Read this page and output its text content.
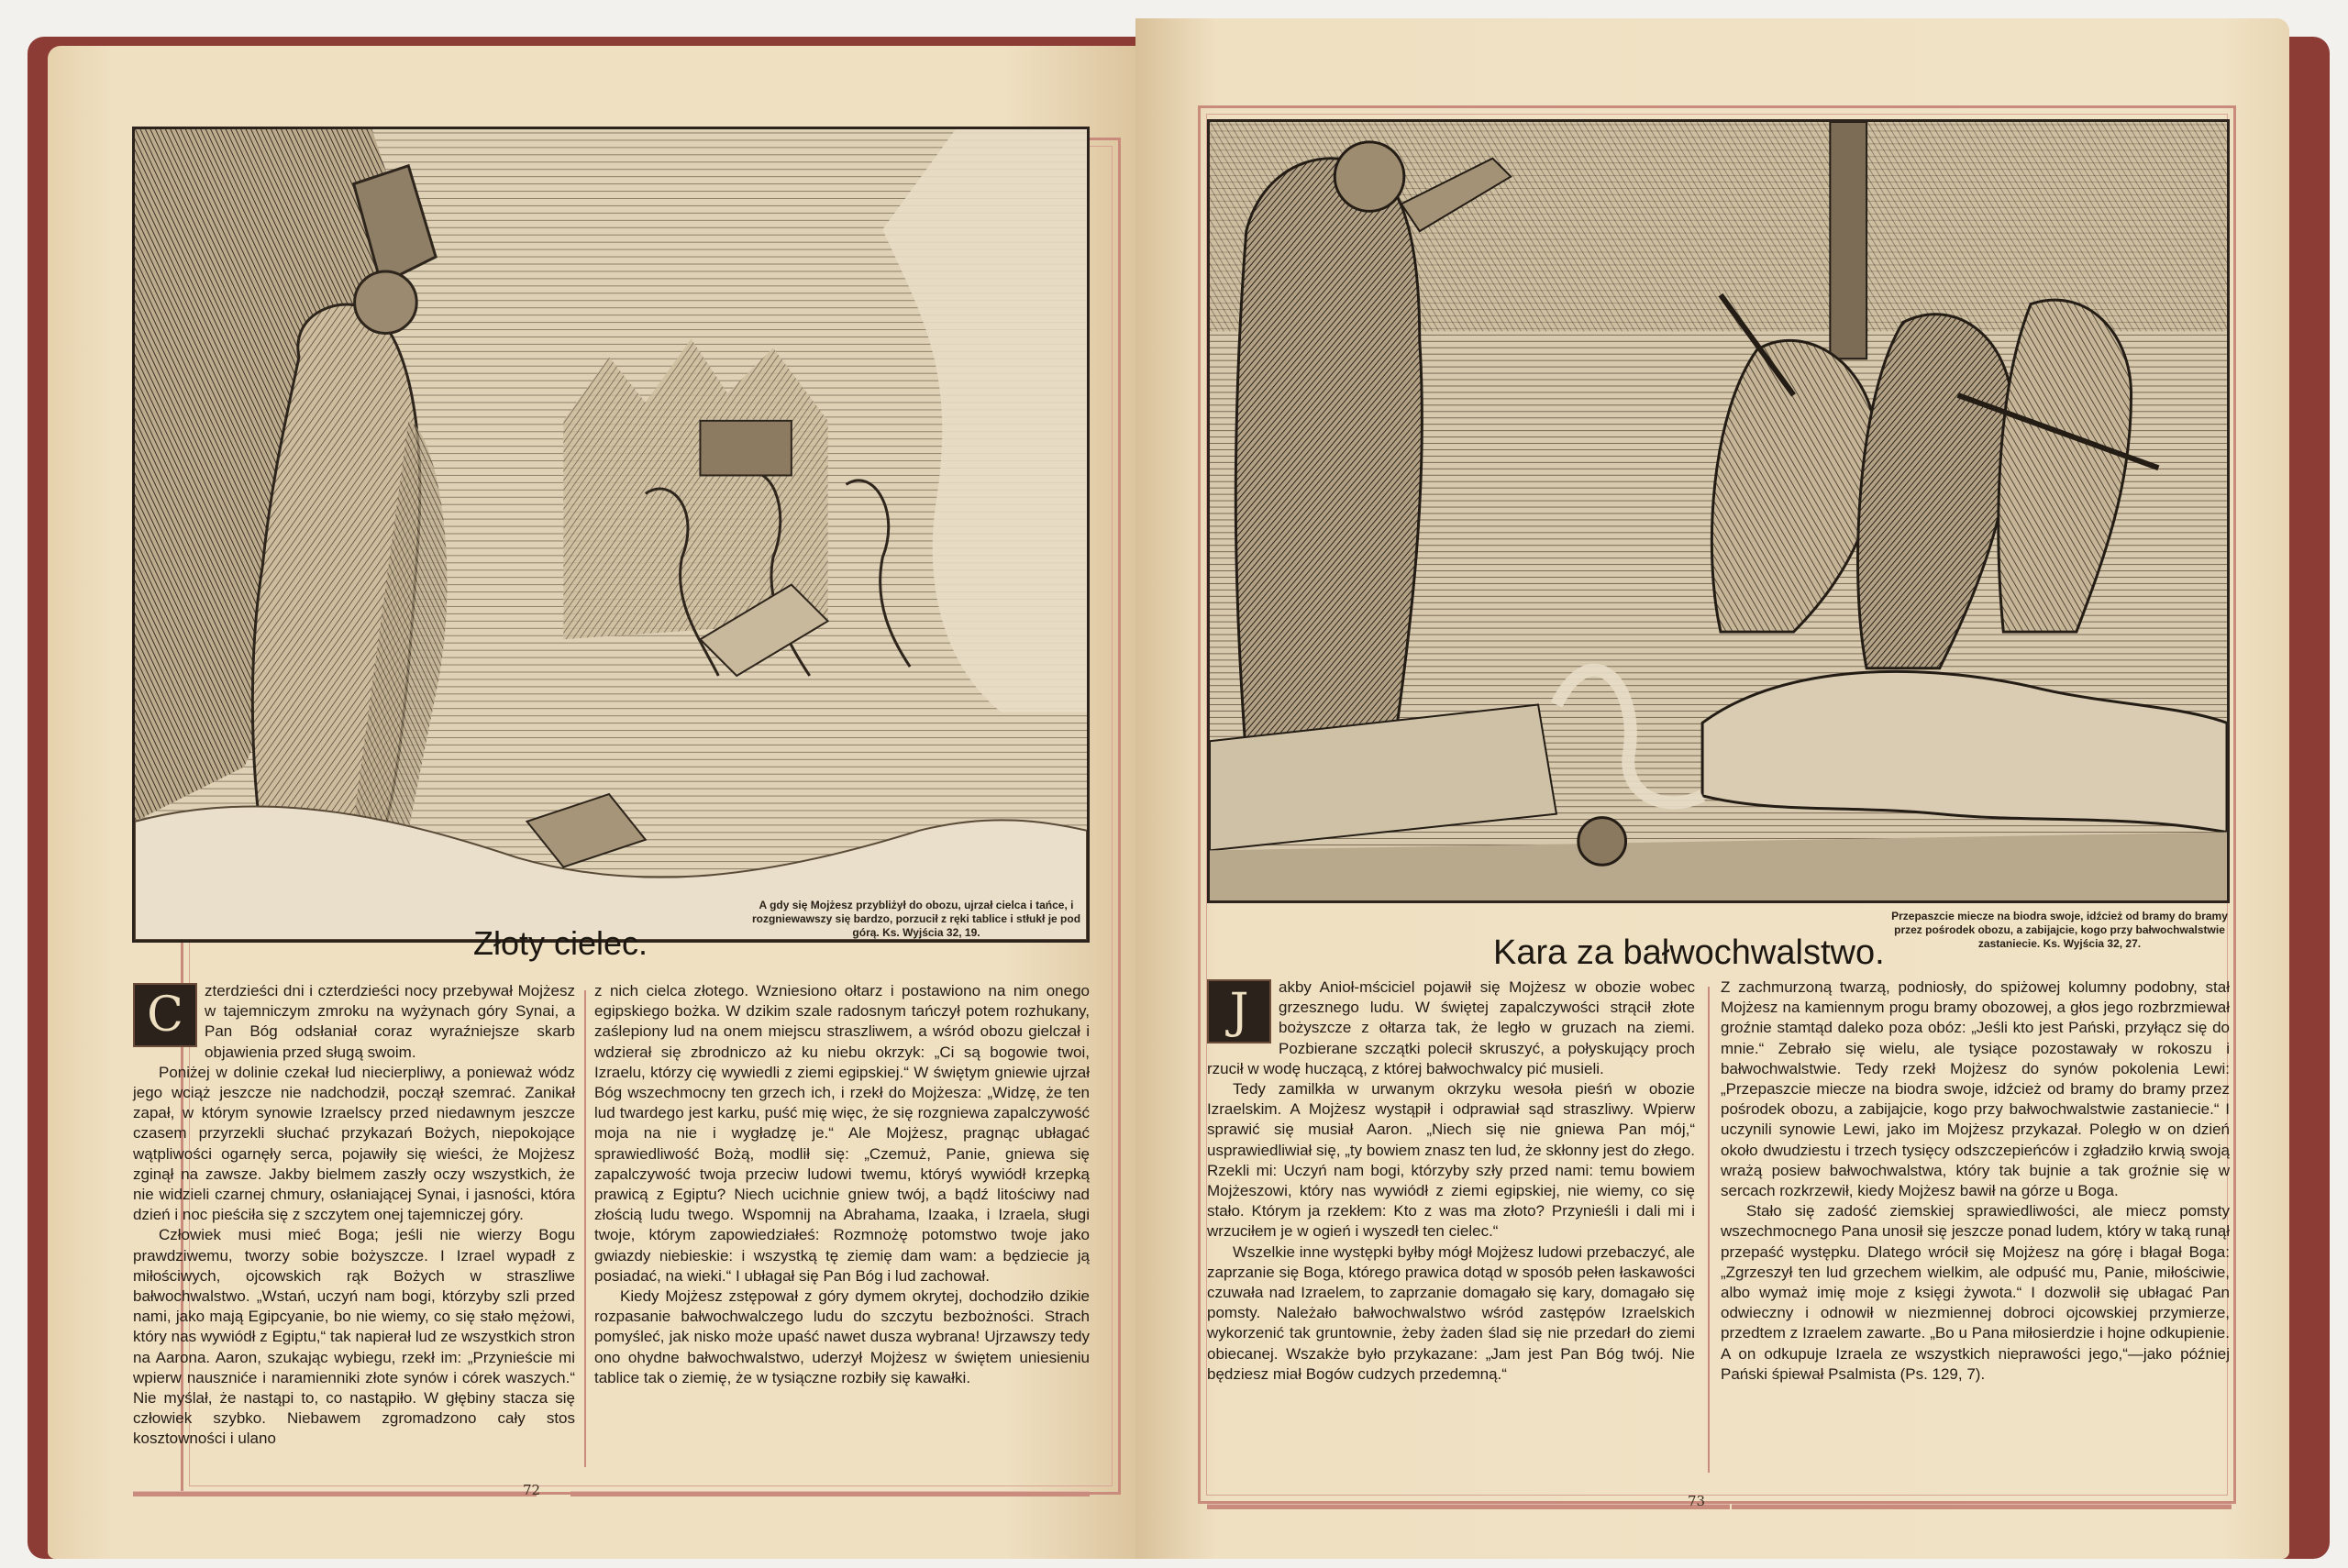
Złoty cielec.
A gdy się Mojżesz przybliżył do obozu, ujrzał cielca i tańce, i rozgniewawszy się bardzo, porzucił z ręki tablice i stłukł je pod górą. Ks. Wyjścia 32, 19.
C	zterdzieści dni i czterdzieści nocy przebywał Mojżesz w tajemniczym zmroku na wyżynach góry Synai, a Pan Bóg odsłaniał coraz wyraźniejsze skarb objawienia przed sługą swoim.

Poniżej w dolinie czekał lud niecierpliwy, a ponieważ wódz jego wciąż jeszcze nie nadchodził, począł szemrać. Zanikał zapał, w którym synowie Izraelscy przed niedawnym jeszcze czasem przyrzekli słuchać przykazań Bożych, niepokojące wątpliwości ogarnęły serca, pojawiły się wieści, że Mojżesz zginął na zawsze. Jakby bielmem zaszły oczy wszystkich, że nie widzieli czarnej chmury, osłaniającej Synai, i jasności, która dzień i noc pieściła się z szczytem onej tajemniczej góry.

Człowiek musi mieć Boga; jeśli nie wierzy Bogu prawdziwemu, tworzy sobie bożyszcze. I Izrael wypadł z miłościwych, ojcowskich rąk Bożych w straszliwe bałwochwalstwo. „Wstań, uczyń nam bogi, którzyby szli przed nami, jako mają Egipcyanie, bo nie wiemy, co się stało mężowi, który nas wywiódł z Egiptu,“ tak napierał lud ze wszystkich stron na Aarona. Aaron, szukając wybiegu, rzekł im: „Przynieście mi wpierw nauszniće i naramienniki złote synów i córek waszych.“ Nie myślał, że nastąpi to, co nastąpiło. W głębiny stacza się człowiek szybko. Niebawem zgromadzono cały stos kosztowności i ulano

z nich cielca złotego. Wzniesiono ołtarz i postawiono na nim onego egipskiego bożka. W dzikim szale radosnym tańczył potem rozhukany, zaślepiony lud na onem miejscu straszliwem, a wśród obozu gielczał i wdzierał się zbrodniczo aż ku niebu okrzyk: „Ci są bogowie twoi, Izraelu, którzy cię wywiedli z ziemi egipskiej.“ W świętym gniewie ujrzał Bóg wszechmocny ten grzech ich, i rzekł do Mojżesza: „Widzę, że ten lud twardego jest karku, puść mię więc, że się rozgniewa zapalczywość moja na nie i wygładzę je.“ Ale Mojżesz, pragnąc ubłagać sprawiedliwość Bożą, modlił się: „Czemuż, Panie, gniewa się zapalczywość twoja przeciw ludowi twemu, któryś wywiódł krzepką prawicą z Egiptu? Niech ucichnie gniew twój, a bądź litościwy nad złością ludu twego. Wspomnij na Abrahama, Izaaka, i Izraela, sługi twoje, którym zapowiedziałeś: Rozmnożę potomstwo twoje jako gwiazdy niebieskie: i wszystką tę ziemię dam wam: a będziecie ją posiadać, na wieki.“ I ubłagał się Pan Bóg i lud zachował.

Kiedy Mojżesz zstępował z góry dymem okrytej, dochodziło dzikie rozpasanie bałwochwalczego ludu do szczytu bezbożności. Strach pomyśleć, jak nisko może upaść nawet dusza wybrana! Ujrzawszy tedy ono ohydne bałwochwalstwo, uderzył Mojżesz w świętem uniesieniu tablice tak o ziemię, że w tysiączne rozbiły się kawałki.

72
Kara za bałwochwalstwo.
Przepaszcie miecze na biodra swoje, idźcież od bramy do bramy przez pośrodek obozu, a zabijajcie, kogo przy bałwochwalstwie zastaniecie. Ks. Wyjścia 32, 27.
J	akby Anioł-mściciel pojawił się Mojżesz w obozie wobec grzesznego ludu. W świętej zapalczywości strącił złote bożyszcze z ołtarza tak, że legło w gruzach na ziemi. Pozbierane szczątki polecił skruszyć, a połyskujący proch rzucił w wodę huczącą, z której bałwochwalcy pić musieli.

Tedy zamilkła w urwanym okrzyku wesoła pieśń w obozie Izraelskim. A Mojżesz wystąpił i odprawiał sąd straszliwy. Wpierw sprawić się musiał Aaron. „Niech się nie gniewa Pan mój,“ usprawiedliwiał się, „ty bowiem znasz ten lud, że skłonny jest do złego. Rzekli mi: Uczyń nam bogi, którzyby szły przed nami: temu bowiem Mojżeszowi, który nas wywiódł z ziemi egipskiej, nie wiemy, co się stało. Którym ja rzekłem: Kto z was ma złoto? Przynieśli i dali mi i wrzuciłem je w ogień i wyszedł ten cielec.“

Wszelkie inne występki byłby mógł Mojżesz ludowi przebaczyć, ale zaprzanie się Boga, którego prawica dotąd w sposób pełen łaskawości czuwała nad Izraelem, to zaprzanie domagało się kary, domagało się pomsty. Należało bałwochwalstwo wśród zastępów Izraelskich wykorzenić tak gruntownie, żeby żaden ślad się nie przedarł do ziemi obiecanej. Wszakże było przykazane: „Jam jest Pan Bóg twój. Nie będziesz miał Bogów cudzych przedemną.“

Z zachmurzoną twarzą, podniosły, do spiżowej kolumny podobny, stał Mojżesz na kamiennym progu bramy obozowej, a głos jego rozbrzmiewał groźnie stamtąd daleko poza obóz: „Jeśli kto jest Pański, przyłącz się do mnie.“ Zebrało się wielu, ale tysiące pozostawały w rokoszu i bałwochwalstwie. Tedy rzekł Mojżesz do synów pokolenia Lewi: „Przepaszcie miecze na biodra swoje, idźcież od bramy do bramy przez pośrodek obozu, a zabijajcie, kogo przy bałwochwalstwie zastaniecie.“ I uczynili synowie Lewi, jako im Mojżesz przykazał. Poległo w on dzień około dwudziestu i trzech tysięcy odszczepieńców i zgładziło krwią swoją wrażą posiew bałwochwalstwa, który tak bujnie a tak groźnie się w sercach rozkrzewił, kiedy Mojżesz bawił na górze u Boga.

Stało się zadość ziemskiej sprawiedliwości, ale miecz pomsty wszechmocnego Pana unosił się jeszcze ponad ludem, który w taką runął przepaść występku. Dlatego wrócił się Mojżesz na górę i błagał Boga: „Zgrzeszył ten lud grzechem wielkim, ale odpuść mu, Panie, miłościwie, albo wymaż imię moje z księgi żywota.“ I dozwolił się ubłagać Pan odwieczny i odnowił w niezmiennej dobroci ojcowskiej przymierze, przedtem z Izraelem zawarte. „Bo u Pana miłosierdzie i hojne odkupienie. A on odkupuje Izraela ze wszystkich nieprawości jego,“—jako później Pański śpiewał Psalmista (Ps. 129, 7).

73
